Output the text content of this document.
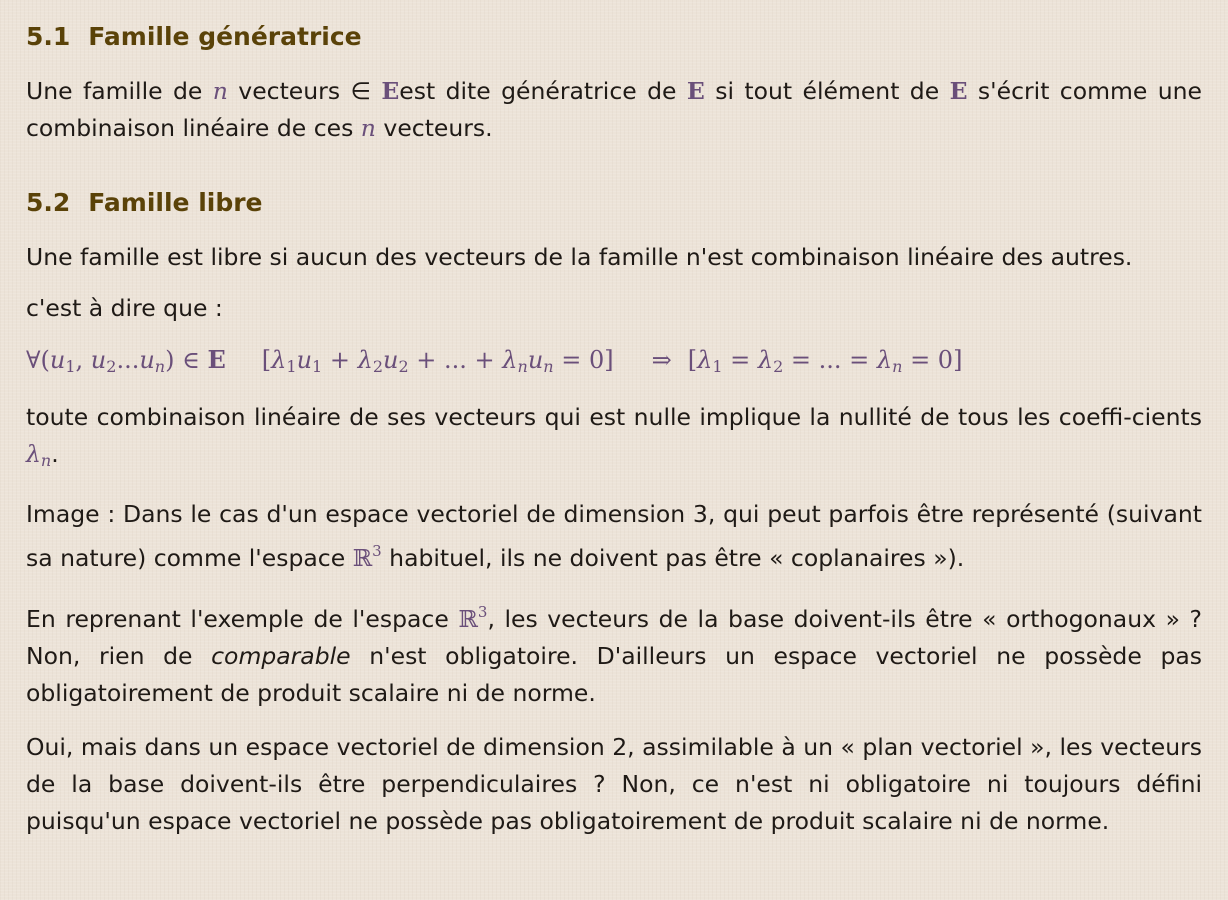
5.1 Famille génératrice

Une famille de n vecteurs ∈ Eest dite génératrice de E si tout élément de E s'écrit comme une combinaison linéaire de ces n vecteurs.

5.2 Famille libre

Une famille est libre si aucun des vecteurs de la famille n'est combinaison linéaire des autres.

c'est à dire que :

$\forall(u_1$, $u_2...u_n$) ∈ E [$\lambda_1u_1 + \lambda_2u_2$ + ... + $\lambda_nu_n = 0$] ⇒ [$\lambda_1 = \lambda_2$ = ... = $\lambda_n = 0$]

toute combinaison linéaire de ses vecteurs qui est nulle implique la nullité de tous les coeffi-cients $\lambda_n$.

Image : Dans le cas d'un espace vectoriel de dimension 3, qui peut parfois être représenté (suivant sa nature) comme l'espace ℝ$^3$ habituel, ils ne doivent pas être « coplanaires »).

En reprenant l'exemple de l'espace ℝ$^3$, les vecteurs de la base doivent-ils être « orthogonaux » ? Non, rien de comparable n'est obligatoire. D'ailleurs un espace vectoriel ne possède pas obligatoirement de produit scalaire ni de norme.

Oui, mais dans un espace vectoriel de dimension 2, assimilable à un « plan vectoriel », les vecteurs de la base doivent-ils être perpendiculaires ? Non, ce n'est ni obligatoire ni toujours défini puisqu'un espace vectoriel ne possède pas obligatoirement de produit scalaire ni de norme.
